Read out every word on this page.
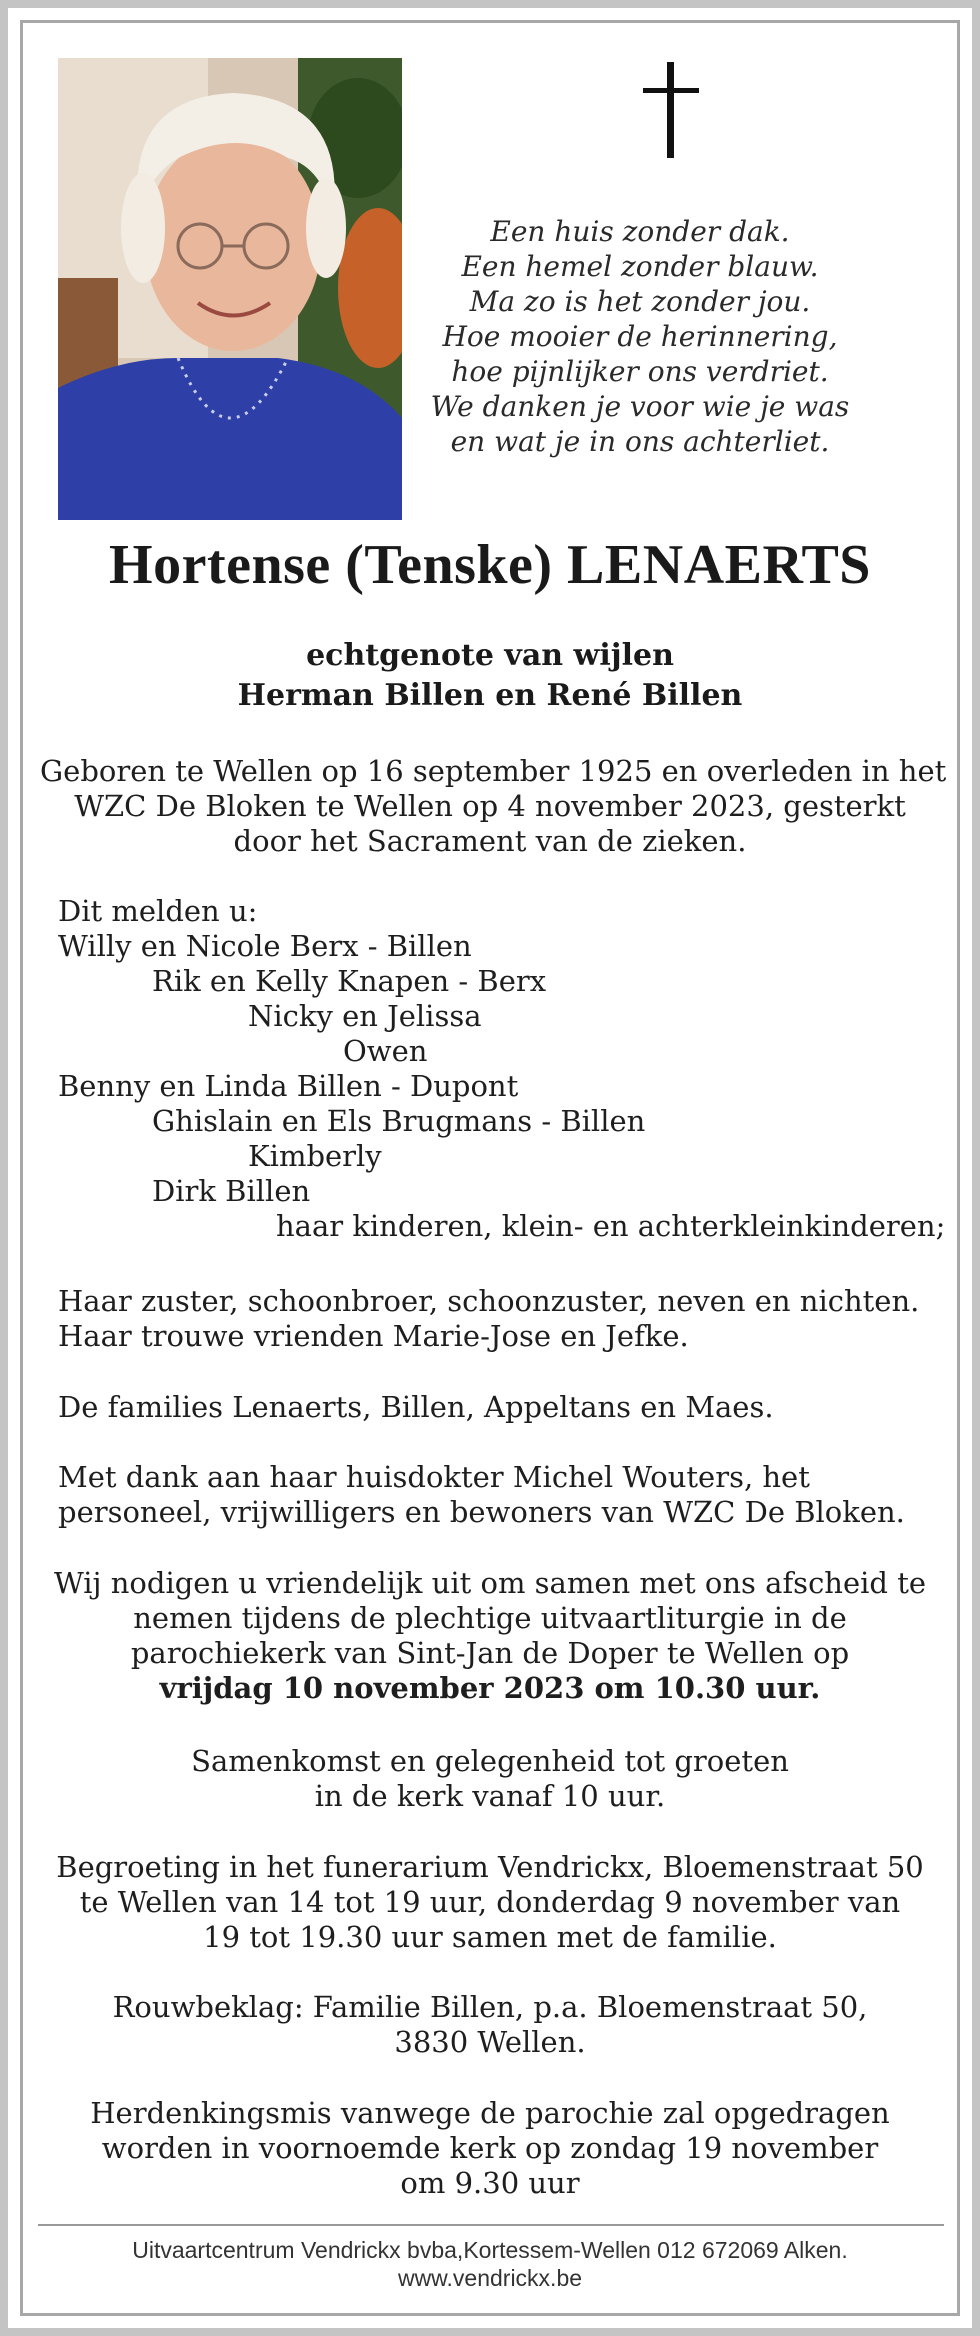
Een huis zonder dak.
Een hemel zonder blauw.
Ma zo is het zonder jou.
Hoe mooier de herinnering,
hoe pijnlijker ons verdriet.
We danken je voor wie je was
en wat je in ons achterliet.
Hortense (Tenske) LENAERTS
echtgenote van wijlen
Herman Billen en René Billen
Geboren te Wellen op 16 september 1925 en overleden in het
WZC De Bloken te Wellen op 4 november 2023, gesterkt
door het Sacrament van de zieken.
Dit melden u:
Willy en Nicole Berx - Billen
Rik en Kelly Knapen - Berx
Nicky en Jelissa
Owen
Benny en Linda Billen - Dupont
Ghislain en Els Brugmans - Billen
Kimberly
Dirk Billen
haar kinderen, klein- en achterkleinkinderen;
Haar zuster, schoonbroer, schoonzuster, neven en nichten.
Haar trouwe vrienden Marie-Jose en Jefke.
De families Lenaerts, Billen, Appeltans en Maes.
Met dank aan haar huisdokter Michel Wouters, het
personeel, vrijwilligers en bewoners van WZC De Bloken.
Wij nodigen u vriendelijk uit om samen met ons afscheid te
nemen tijdens de plechtige uitvaartliturgie in de
parochiekerk van Sint-Jan de Doper te Wellen op
vrijdag 10 november 2023 om 10.30 uur.
Samenkomst en gelegenheid tot groeten
in de kerk vanaf 10 uur.
Begroeting in het funerarium Vendrickx, Bloemenstraat 50
te Wellen van 14 tot 19 uur, donderdag 9 november van
19 tot 19.30 uur samen met de familie.
Rouwbeklag: Familie Billen, p.a. Bloemenstraat 50,
3830 Wellen.
Herdenkingsmis vanwege de parochie zal opgedragen
worden in voornoemde kerk op zondag 19 november
om 9.30 uur
Uitvaartcentrum Vendrickx bvba,Kortessem-Wellen 012 672069 Alken.
www.vendrickx.be
